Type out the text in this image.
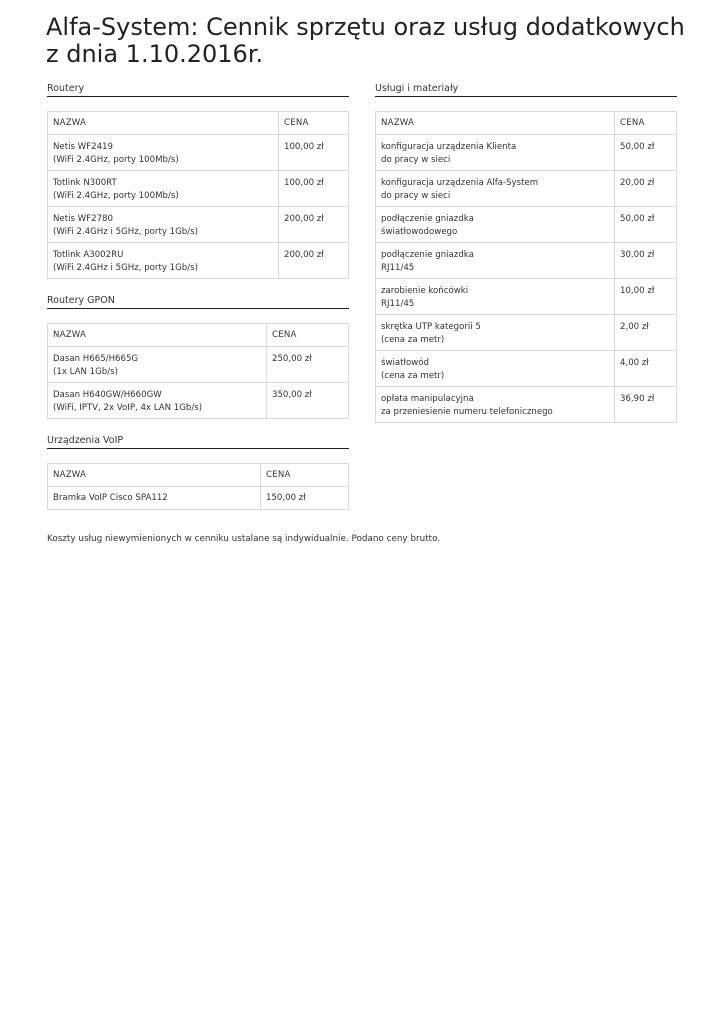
Alfa-System: Cennik sprzętu oraz usług dodatkowych z dnia 1.10.2016r.
Routery
NAZWA	CENA

Netis WF2419
(WiFi 2.4GHz, porty 100Mb/s)	100,00 zł

Totlink N300RT
(WiFi 2.4GHz, porty 100Mb/s)	100,00 zł

Netis WF2780
(WiFi 2.4GHz i 5GHz, porty 1Gb/s)	200,00 zł

Totlink A3002RU
(WiFi 2.4GHz i 5GHz, porty 1Gb/s)	200,00 zł
Routery GPON
NAZWA	CENA

Dasan H665/H665G
(1x LAN 1Gb/s)	250,00 zł

Dasan H640GW/H660GW
(WiFi, IPTV, 2x VoIP, 4x LAN 1Gb/s)	350,00 zł
Urządzenia VoIP
NAZWA	CENA
Bramka VoIP Cisco SPA112	150,00 zł
Usługi i materiały
NAZWA	CENA

konfiguracja urządzenia Klienta
do pracy w sieci	50,00 zł

konfiguracja urządzenia Alfa-System
do pracy w sieci	20,00 zł

podłączenie gniazdka
światłowodowego	50,00 zł

podłączenie gniazdka
RJ11/45	30,00 zł

zarobienie końcówki
RJ11/45	10,00 zł

skrętka UTP kategorii 5
(cena za metr)	2,00 zł

światłowód
(cena za metr)	4,00 zł

opłata manipulacyjna
za przeniesienie numeru telefonicznego	36,90 zł
Koszty usług niewymienionych w cenniku ustalane są indywidualnie. Podano ceny brutto.
